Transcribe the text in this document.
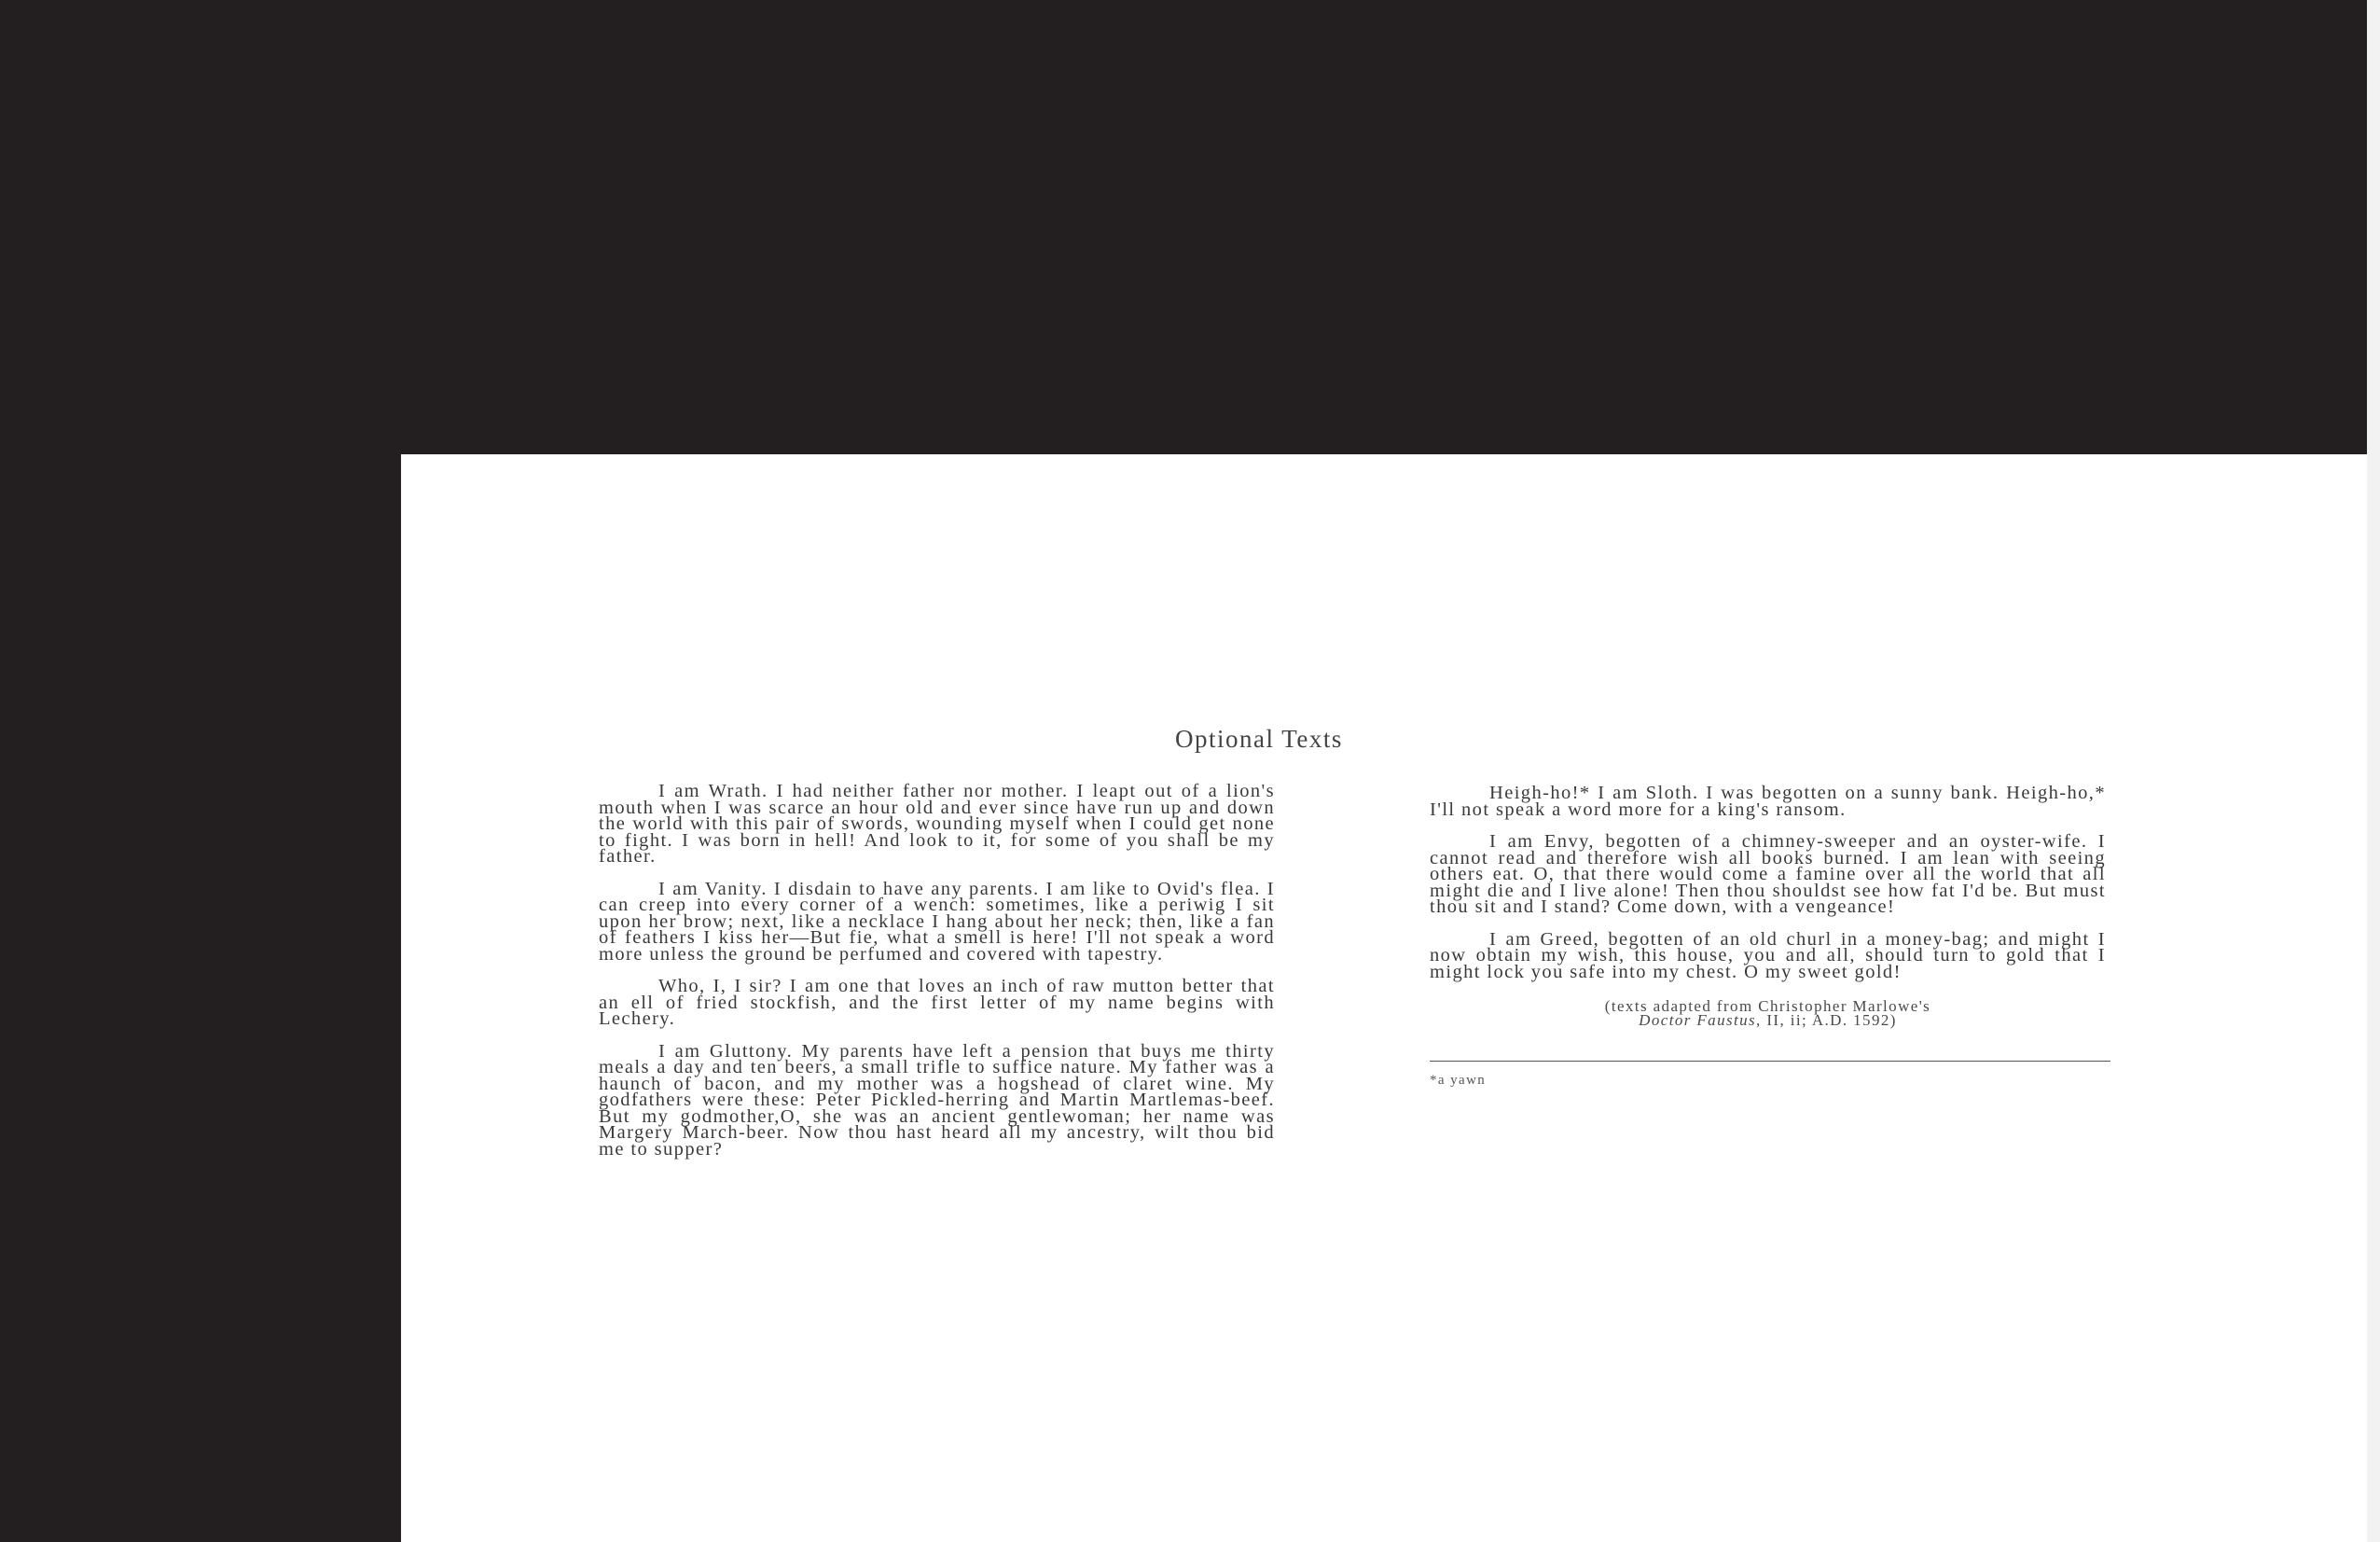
Optional Texts

I am Wrath. I had neither father nor mother. I leapt out of a lion's mouth when I was scarce an hour old and ever since have run up and down the world with this pair of swords, wounding myself when I could get none to fight. I was born in hell! And look to it, for some of you shall be my father.

I am Vanity. I disdain to have any parents. I am like to Ovid's flea. I can creep into every corner of a wench: sometimes, like a periwig I sit upon her brow; next, like a necklace I hang about her neck; then, like a fan of feathers I kiss her—But fie, what a smell is here! I'll not speak a word more unless the ground be perfumed and covered with tapestry.

Who, I, I sir? I am one that loves an inch of raw mutton better that an ell of fried stockfish, and the first letter of my name begins with Lechery.

I am Gluttony. My parents have left a pension that buys me thirty meals a day and ten beers, a small trifle to suffice nature. My father was a haunch of bacon, and my mother was a hogshead of claret wine. My godfathers were these: Peter Pickled-herring and Martin Martlemas-beef. But my godmother,O, she was an ancient gentlewoman; her name was Margery March-beer. Now thou hast heard all my ancestry, wilt thou bid me to supper?

Heigh-ho!* I am Sloth. I was begotten on a sunny bank. Heigh-ho,* I'll not speak a word more for a king's ransom.

I am Envy, begotten of a chimney-sweeper and an oyster-wife. I cannot read and therefore wish all books burned. I am lean with seeing others eat. O, that there would come a famine over all the world that all might die and I live alone! Then thou shouldst see how fat I'd be. But must thou sit and I stand? Come down, with a vengeance!

I am Greed, begotten of an old churl in a money-bag; and might I now obtain my wish, this house, you and all, should turn to gold that I might lock you safe into my chest. O my sweet gold!

(texts adapted from Christopher Marlowe's
Doctor Faustus, II, ii; A.D. 1592)
*a yawn
